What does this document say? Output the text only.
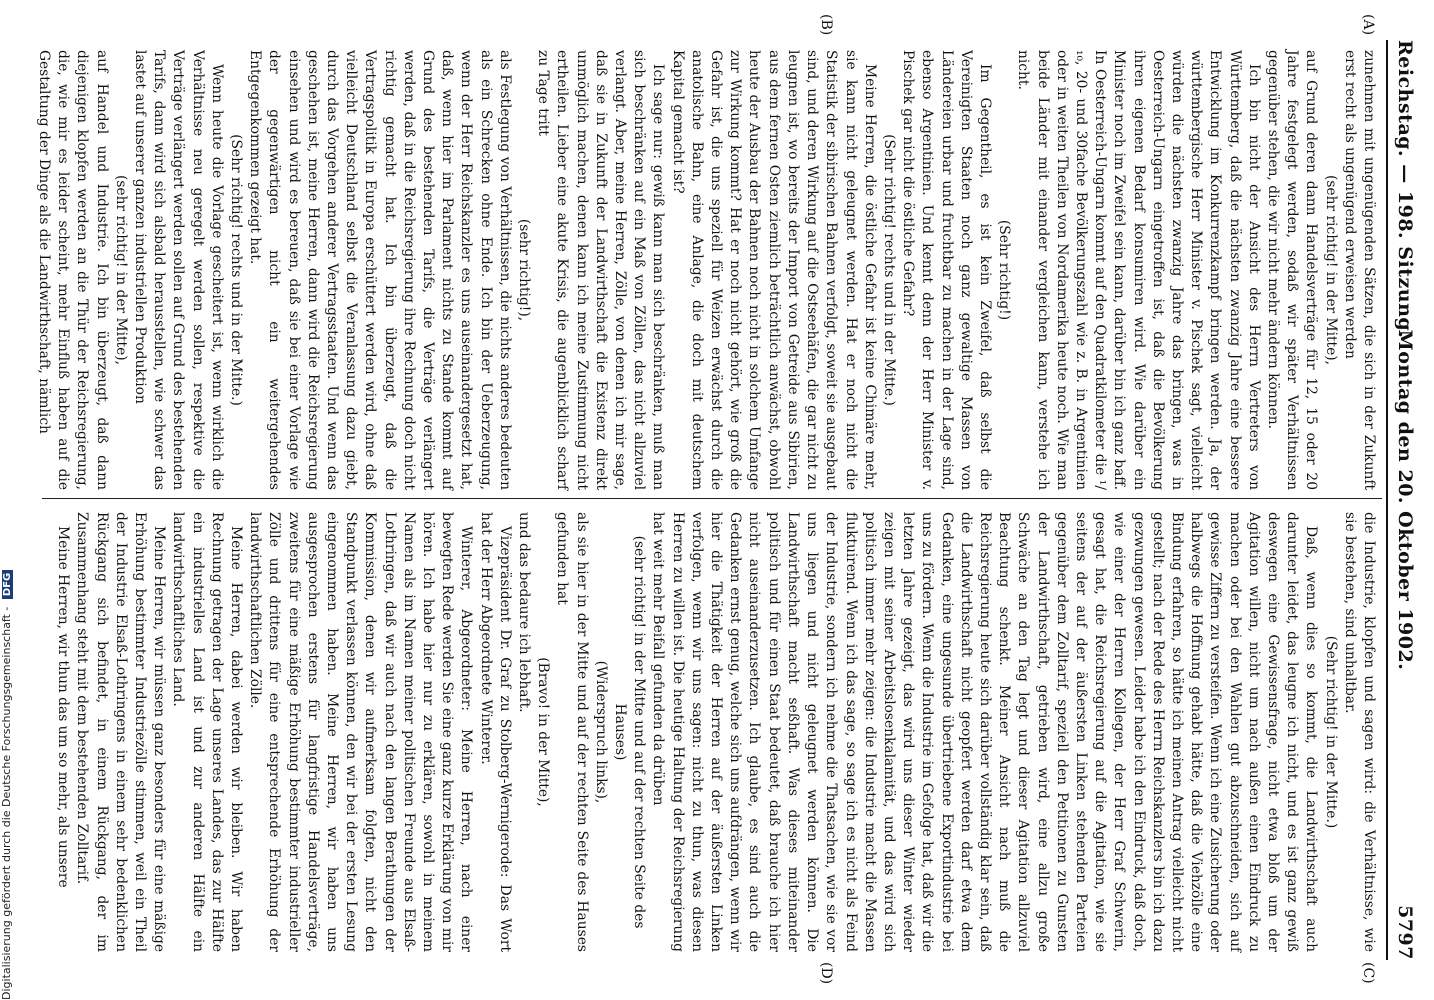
Reichstag. — 198. Sitzung.
Montag den 20. Oktober 1902.
5797
(A)
(B)
(C)
(D)

zunehmen mit ungenügenden Sätzen, die sich in der Zukunft erst recht als ungenügend erweisen werden

(sehr richtig! in der Mitte),

auf Grund deren dann Handelsverträge für 12, 15 oder 20 Jahre festgelegt werden, sodaß wir später Verhältnissen gegenüber stehen, die wir nicht mehr ändern können.

Ich bin nicht der Ansicht des Herrn Vertreters von Württemberg, daß die nächsten zwanzig Jahre eine bessere Entwicklung im Konkurrenzkampf bringen werden. Ja, der württembergische Herr Minister v. Pischek sagt, vielleicht würden die nächsten zwanzig Jahre das bringen, was in Oesterreich-Ungarn eingetroffen ist, daß die Bevölkerung ihren eigenen Bedarf konsumiren wird. Wie darüber ein Minister noch im Zweifel sein kann, darüber bin ich ganz baff. In Oesterreich-Ungarn kommt auf den Quadratkilometer die ¹/₁₀, 20- und 30fache Bevölkerungszahl wie z. B. in Argentinien oder in weiten Theilen von Nordamerika heute noch. Wie man beide Länder mit einander vergleichen kann, verstehe ich nicht.

(Sehr richtig!)

Im Gegentheil, es ist kein Zweifel, daß selbst die Vereinigten Staaten noch ganz gewaltige Massen von Ländereien urbar und fruchtbar zu machen in der Lage sind, ebenso Argentinien. Und kennt denn der Herr Minister v. Pischek gar nicht die östliche Gefahr?

(Sehr richtig! rechts und in der Mitte.)

Meine Herren, die östliche Gefahr ist keine Chimäre mehr, sie kann nicht geleugnet werden. Hat er noch nicht die Statistik der sibirischen Bahnen verfolgt, soweit sie ausgebaut sind, und deren Wirkung auf die Ostseehäfen, die gar nicht zu leugnen ist, wo bereits der Import von Getreide aus Sibirien, aus dem fernen Osten ziemlich beträchtlich anwächst, obwohl heute der Ausbau der Bahnen noch nicht in solchem Umfange zur Wirkung kommt? Hat er noch nicht gehört, wie groß die Gefahr ist, die uns speziell für Weizen erwächst durch die anatolische Bahn, eine Anlage, die doch mit deutschem Kapital gemacht ist?

Ich sage nur: gewiß kann man sich beschränken, muß man sich beschränken auf ein Maß von Zöllen, das nicht allzuviel verlangt. Aber, meine Herren, Zölle, von denen ich mir sage, daß sie in Zukunft der Landwirthschaft die Existenz direkt unmöglich machen, denen kann ich meine Zustimmung nicht ertheilen. Lieber eine akute Krisis, die augenblicklich scharf zu Tage tritt

(sehr richtig!),

als Festlegung von Verhältnissen, die nichts anderes bedeuten als ein Schrecken ohne Ende. Ich bin der Ueberzeugung, wenn der Herr Reichskanzler es uns auseinandergesetzt hat, daß, wenn hier im Parlament nichts zu Stande kommt auf Grund des bestehenden Tarifs, die Verträge verlängert werden, daß in die Reichsregierung ihre Rechnung doch nicht richtig gemacht hat. Ich bin überzeugt, daß die Vertragspolitik in Europa erschüttert werden wird, ohne daß vielleicht Deutschland selbst die Veranlassung dazu giebt, durch das Vorgehen anderer Vertragsstaaten. Und wenn das geschehen ist, meine Herren, dann wird die Reichsregierung einsehen und wird es bereuen, daß sie bei einer Vorlage wie der gegenwärtigen nicht ein weitergehendes Entgegenkommen gezeigt hat.

(Sehr richtig! rechts und in der Mitte.)

Wenn heute die Vorlage gescheitert ist, wenn wirklich die Verhältnisse neu geregelt werden sollen, respektive die Verträge verlängert werden sollen auf Grund des bestehenden Tarifs, dann wird sich alsbald herausstellen, wie schwer das lastet auf unserer ganzen industriellen Produktion

(sehr richtig! in der Mitte),

auf Handel und Industrie. Ich bin überzeugt, daß dann diejenigen klopfen werden an die Thür der Reichsregierung, die, wie mir es leider scheint, mehr Einfluß haben auf die Gestaltung der Dinge als die Landwirthschaft, nämlich

die Industrie, klopfen und sagen wird: die Verhältnisse, wie sie bestehen, sind unhaltbar.

(Sehr richtig! in der Mitte.)

Daß, wenn dies so kommt, die Landwirthschaft auch darunter leidet, das leugne ich nicht, und es ist ganz gewiß deswegen eine Gewissensfrage, nicht etwa bloß um der Agitation willen, nicht um nach außen einen Eindruck zu machen oder bei den Wahlen gut abzuschneiden, sich auf gewisse Ziffern zu versteifen. Wenn ich eine Zusicherung oder halbwegs die Hoffnung gehabt hätte, daß die Viehzölle eine Bindung erfahren, so hätte ich meinen Antrag vielleicht nicht gestellt; nach der Rede des Herrn Reichskanzlers bin ich dazu gezwungen gewesen. Leider habe ich den Eindruck, daß doch, wie einer der Herren Kollegen, der Herr Graf Schwerin, gesagt hat, die Reichsregierung auf die Agitation, wie sie seitens der auf der äußersten Linken stehenden Parteien gegenüber dem Zolltarif, speziell den Petitionen zu Gunsten der Landwirthschaft, getrieben wird, eine allzu große Schwäche an den Tag legt und dieser Agitation allzuviel Beachtung schenkt. Meiner Ansicht nach muß die Reichsregierung heute sich darüber vollständig klar sein, daß die Landwirthschaft nicht geopfert werden darf etwa dem Gedanken, eine ungesunde übertriebene Exportindustrie bei uns zu fördern. Wenn die Industrie im Gefolge hat, daß wir die letzten Jahre gezeigt, das wird uns dieser Winter wieder zeigen mit seiner Arbeitslosenkalamität, und das wird sich politisch immer mehr zeigen: die Industrie macht die Massen fluktuirend. Wenn ich das sage, so sage ich es nicht als Feind der Industrie, sondern ich nehme die Thatsachen, wie sie vor uns liegen und nicht geleugnet werden können. Die Landwirthschaft macht seßhaft. Was dieses miteinander politisch und für einen Staat bedeutet, daß brauche ich hier nicht auseinanderzusetzen. Ich glaube, es sind auch die Gedanken ernst genug, welche sich uns aufdrängen, wenn wir hier die Thätigkeit der Herren auf der äußersten Linken verfolgen, wenn wir uns sagen: nicht zu thun, was diesen Herren zu willen ist. Die heutige Haltung der Reichsregierung hat weit mehr Beifall gefunden da drüben

(sehr richtig! in der Mitte und auf der rechten Seite des Hauses)

(Widerspruch links),

als sie hier in der Mitte und auf der rechten Seite des Hauses gefunden hat

(Bravo! in der Mitte),

und das bedaure ich lebhaft.

Vizepräsident Dr. Graf zu Stolberg-Wernigerode: Das Wort hat der Herr Abgeordnete Winterer.

Winterer, Abgeordneter: Meine Herren, nach einer bewegten Rede werden Sie eine ganz kurze Erklärung von mir hören. Ich habe hier nur zu erklären, sowohl in meinem Namen als im Namen meiner politischen Freunde aus Elsaß-Lothringen, daß wir auch nach den langen Berathungen der Kommission, denen wir aufmerksam folgten, nicht den Standpunkt verlassen können, den wir bei der ersten Lesung eingenommen haben. Meine Herren, wir haben uns ausgesprochen erstens für langfristige Handelsverträge, zweitens für eine mäßige Erhöhung bestimmter industrieller Zölle und drittens für eine entsprechende Erhöhung der landwirthschaftlichen Zölle.

Meine Herren, dabei werden wir bleiben. Wir haben Rechnung getragen der Lage unseres Landes, das zur Hälfte ein industrielles Land ist und zur anderen Hälfte ein landwirthschaftliches Land.

Meine Herren, wir müssen ganz besonders für eine mäßige Erhöhung bestimmter Industriezölle stimmen, weil ein Theil der Industrie Elsaß-Lothringens in einem sehr bedenklichen Rückgang sich befindet, in einem Rückgang, der im Zusammenhang steht mit dem bestehenden Zolltarif.

Meine Herren, wir thun das um so mehr, als unsere

Digitalisierung gefördert durch die Deutsche Forschungsgemeinschaft - DFG
